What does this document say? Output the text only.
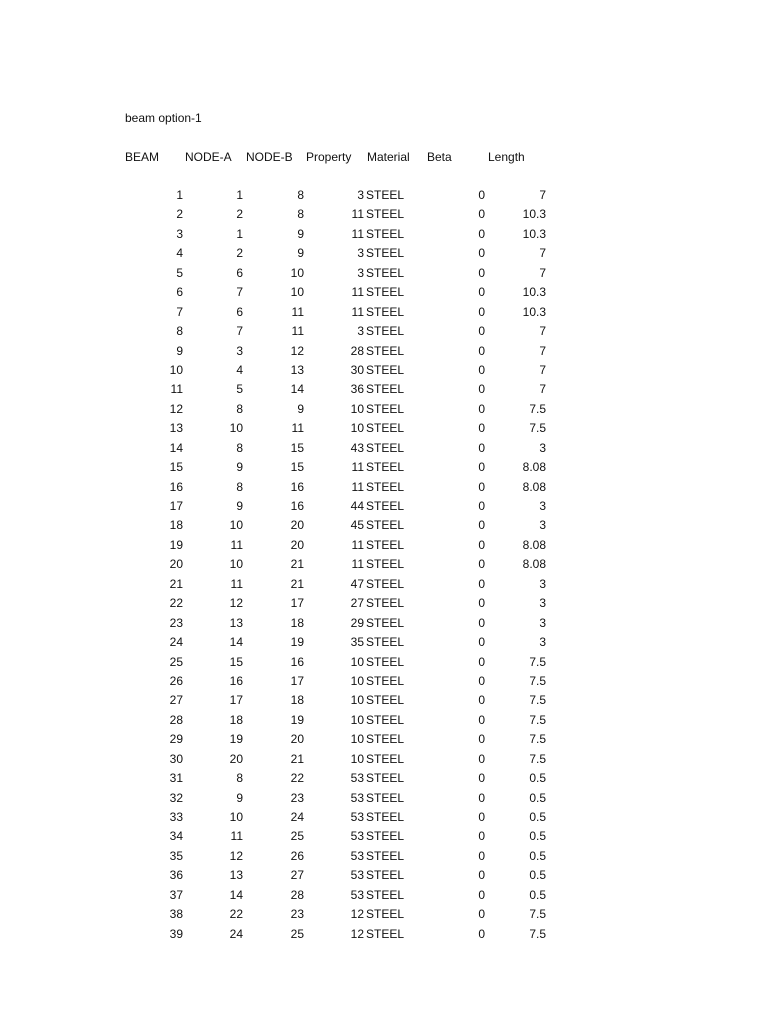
beam option-1
BEAM NODE-A NODE-B Property Material Beta	Length
1	1	8	3 STEEL	0	7
2	2	8	11 STEEL	0	10.3
3	1	9	11 STEEL	0	10.3
4	2	9	3 STEEL	0	7
5	6	10	3 STEEL	0	7
6	7	10	11 STEEL	0	10.3
7	6	11	11 STEEL	0	10.3
8	7	11	3 STEEL	0	7
9	3	12	28 STEEL	0	7
10	4	13	30 STEEL	0	7
11	5	14	36 STEEL	0	7
12	8	9	10 STEEL	0	7.5
13	10	11	10 STEEL	0	7.5
14	8	15	43 STEEL	0	3
15	9	15	11 STEEL	0	8.08
16	8	16	11 STEEL	0	8.08
17	9	16	44 STEEL	0	3
18	10	20	45 STEEL	0	3
19	11	20	11 STEEL	0	8.08
20	10	21	11 STEEL	0	8.08
21	11	21	47 STEEL	0	3
22	12	17	27 STEEL	0	3
23	13	18	29 STEEL	0	3
24	14	19	35 STEEL	0	3
25	15	16	10 STEEL	0	7.5
26	16	17	10 STEEL	0	7.5
27	17	18	10 STEEL	0	7.5
28	18	19	10 STEEL	0	7.5
29	19	20	10 STEEL	0	7.5
30	20	21	10 STEEL	0	7.5
31	8	22	53 STEEL	0	0.5
32	9	23	53 STEEL	0	0.5
33	10	24	53 STEEL	0	0.5
34	11	25	53 STEEL	0	0.5
35	12	26	53 STEEL	0	0.5
36	13	27	53 STEEL	0	0.5
37	14	28	53 STEEL	0	0.5
38	22	23	12 STEEL	0	7.5
39	24	25	12 STEEL	0	7.5
